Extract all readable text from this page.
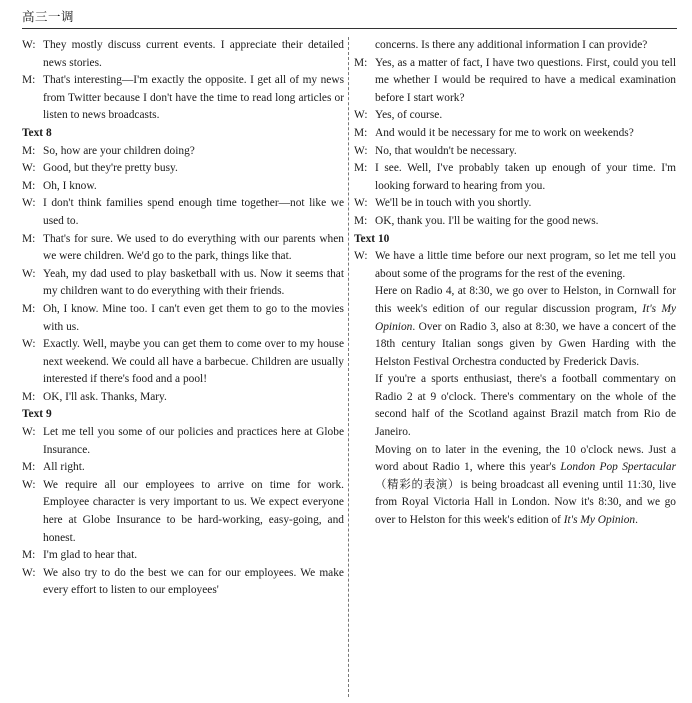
高三一调

W: They mostly discuss current events. I appreciate their detailed news stories.

M: That's interesting—I'm exactly the opposite. I get all of my news from Twitter because I don't have the time to read long articles or listen to news broadcasts.

Text 8

M: So, how are your children doing?

W: Good, but they're pretty busy.

M: Oh, I know.

W: I don't think families spend enough time together—not like we used to.

M: That's for sure. We used to do everything with our parents when we were children. We'd go to the park, things like that.

W: Yeah, my dad used to play basketball with us. Now it seems that my children want to do everything with their friends.

M: Oh, I know. Mine too. I can't even get them to go to the movies with us.

W: Exactly. Well, maybe you can get them to come over to my house next weekend. We could all have a barbecue. Children are usually interested if there's food and a pool!

M: OK, I'll ask. Thanks, Mary.

Text 9

W: Let me tell you some of our policies and practices here at Globe Insurance.

M: All right.

W: We require all our employees to arrive on time for work. Employee character is very important to us. We expect everyone here at Globe Insurance to be hard-working, easy-going, and honest.

M: I'm glad to hear that.

W: We also try to do the best we can for our employees. We make every effort to listen to our employees'

concerns. Is there any additional information I can provide?

M: Yes, as a matter of fact, I have two questions. First, could you tell me whether I would be required to have a medical examination before I start work?

W: Yes, of course.

M: And would it be necessary for me to work on weekends?

W: No, that wouldn't be necessary.

M: I see. Well, I've probably taken up enough of your time. I'm looking forward to hearing from you.

W: We'll be in touch with you shortly.

M: OK, thank you. I'll be waiting for the good news.

Text 10

W: We have a little time before our next program, so let me tell you about some of the programs for the rest of the evening.

Here on Radio 4, at 8:30, we go over to Helston, in Cornwall for this week's edition of our regular discussion program, It's My Opinion. Over on Radio 3, also at 8:30, we have a concert of the 18th century Italian songs given by Gwen Harding with the Helston Festival Orchestra conducted by Frederick Davis.

If you're a sports enthusiast, there's a football commentary on Radio 2 at 9 o'clock. There's commentary on the whole of the second half of the Scotland against Brazil match from Rio de Janeiro.

Moving on to later in the evening, the 10 o'clock news. Just a word about Radio 1, where this year's London Pop Spertacular（精彩的表演）is being broadcast all evening until 11:30, live from Royal Victoria Hall in London. Now it's 8:30, and we go over to Helston for this week's edition of It's My Opinion.
